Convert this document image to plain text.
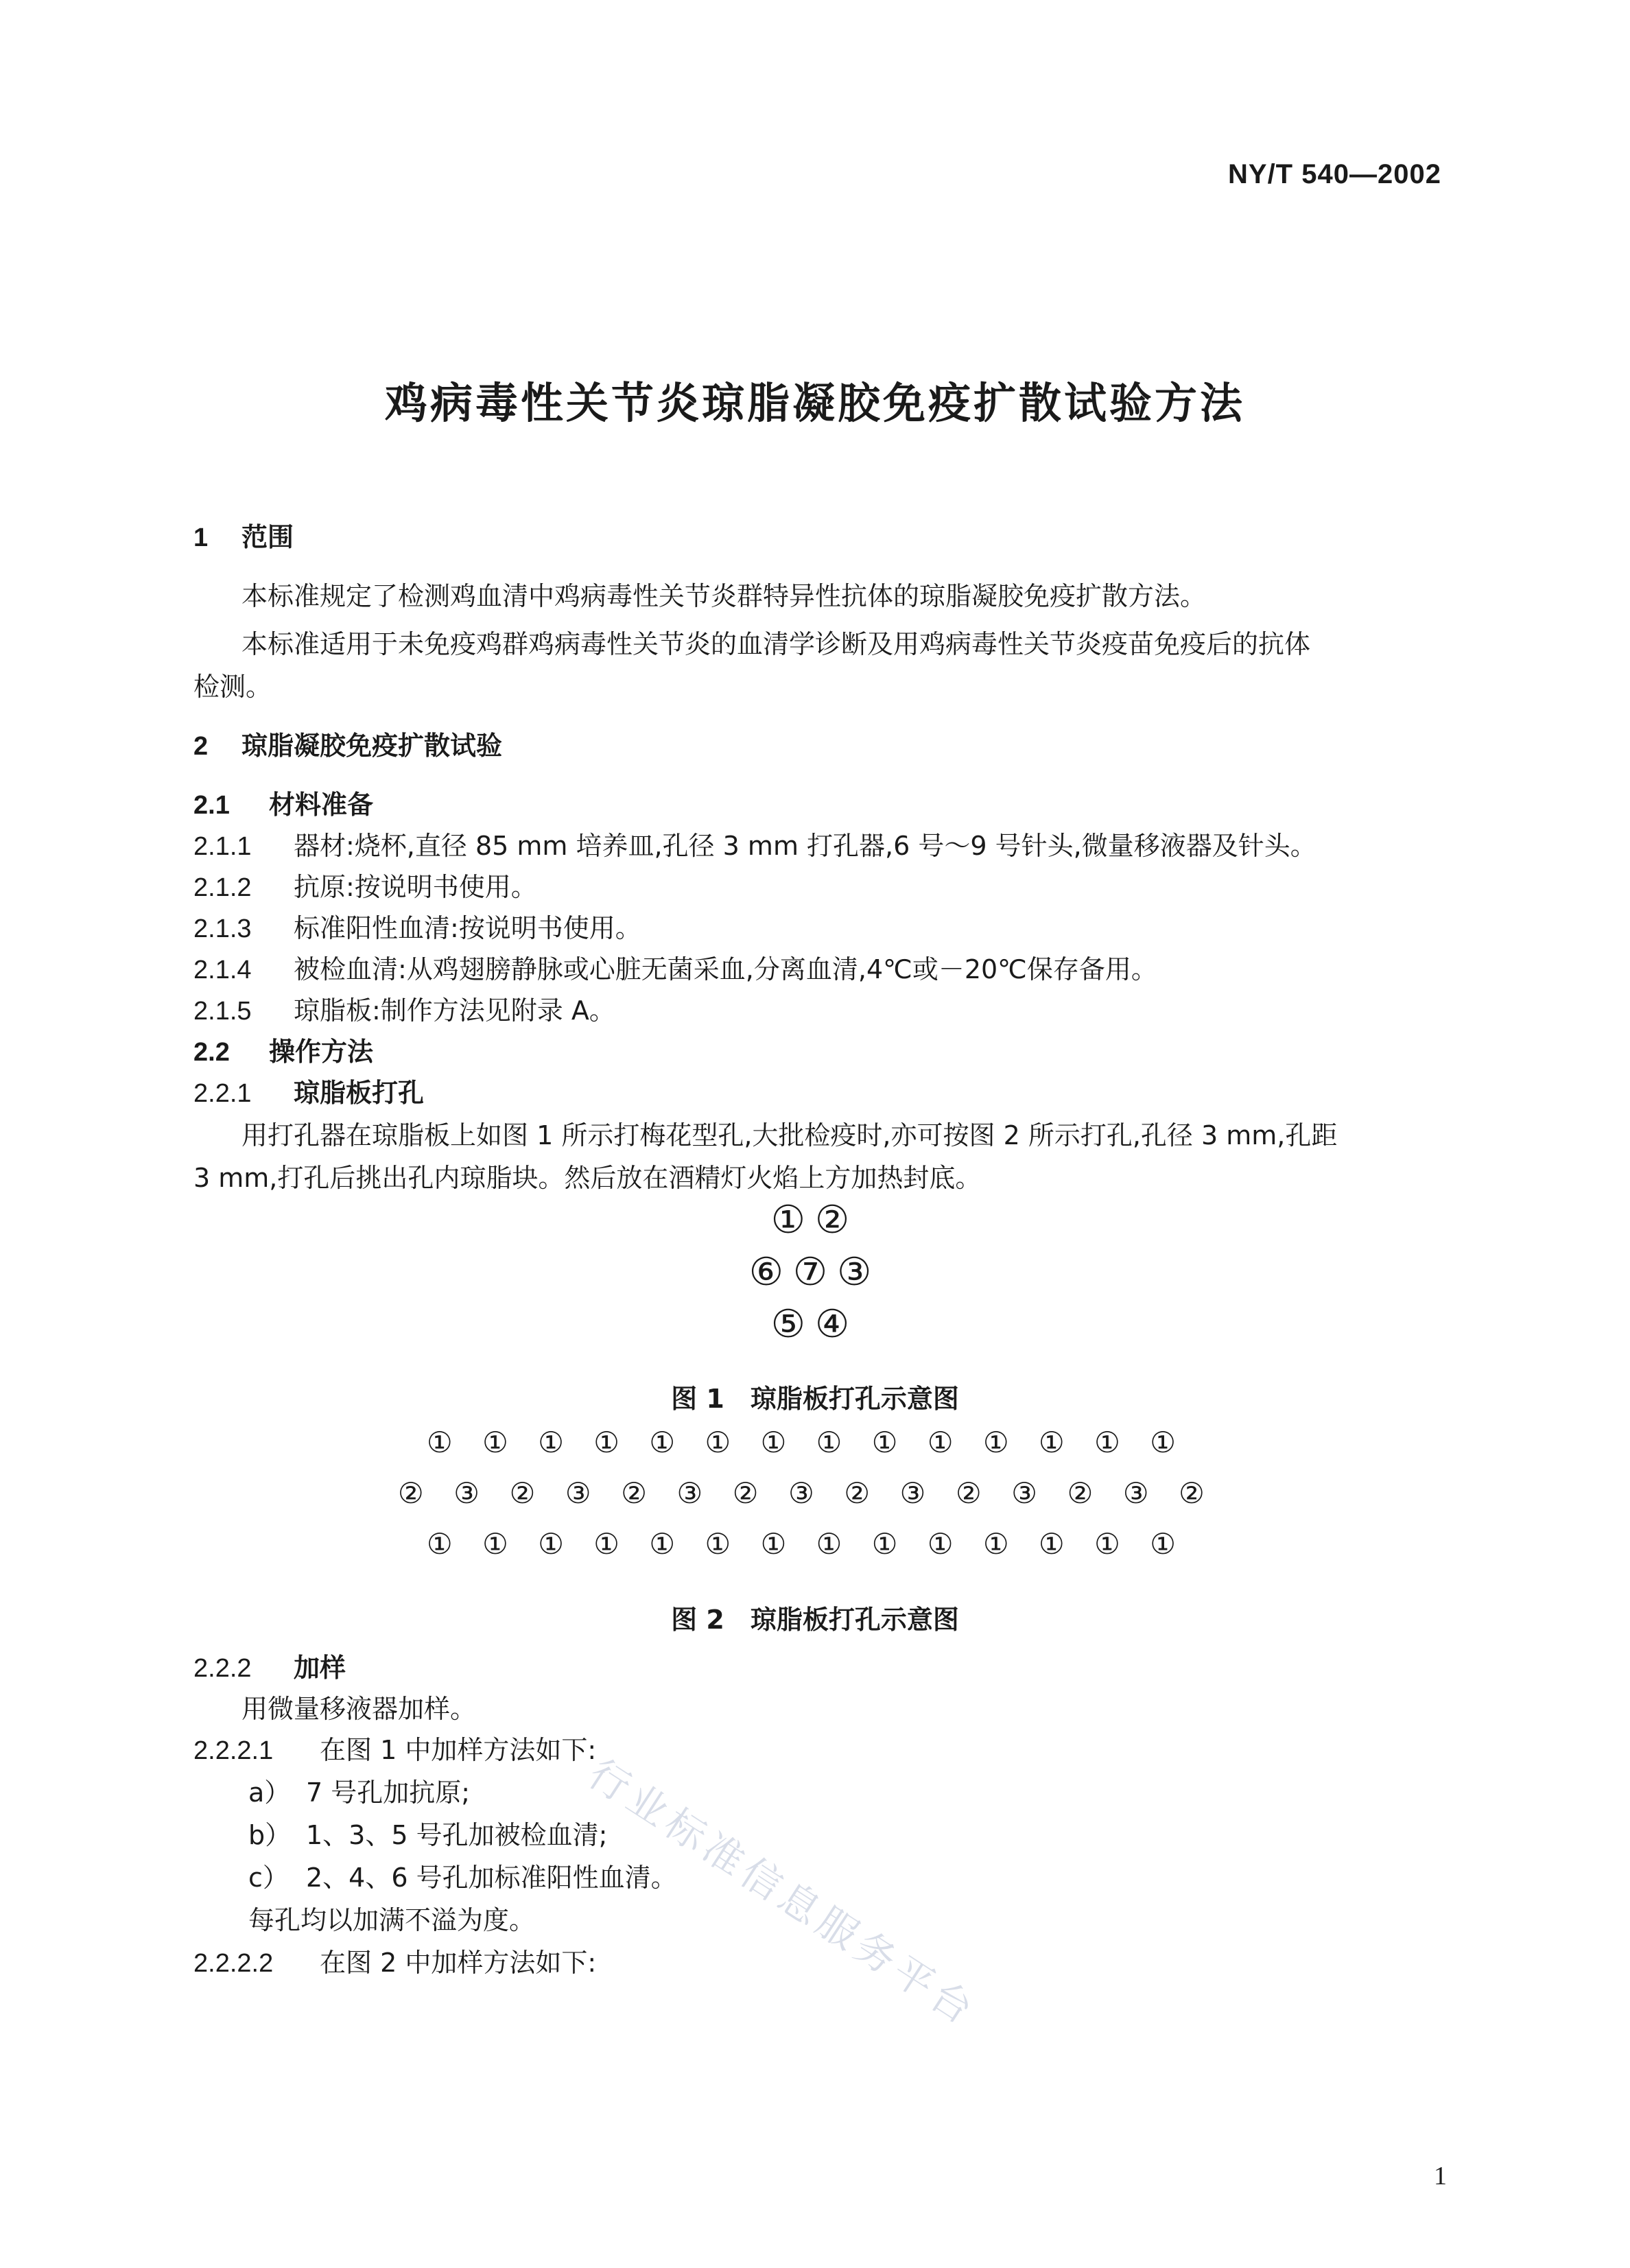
NY/T 540—2002
鸡病毒性关节炎琼脂凝胶免疫扩散试验方法
1 范围
本标准规定了检测鸡血清中鸡病毒性关节炎群特异性抗体的琼脂凝胶免疫扩散方法。
本标准适用于未免疫鸡群鸡病毒性关节炎的血清学诊断及用鸡病毒性关节炎疫苗免疫后的抗体
检测。
2 琼脂凝胶免疫扩散试验
2.1 材料准备
2.1.1 器材:烧杯,直径 85 mm 培养皿,孔径 3 mm 打孔器,6 号～9 号针头,微量移液器及针头。
2.1.2 抗原:按说明书使用。
2.1.3 标准阳性血清:按说明书使用。
2.1.4 被检血清:从鸡翅膀静脉或心脏无菌采血,分离血清,4℃或－20℃保存备用。
2.1.5 琼脂板:制作方法见附录 A。
2.2 操作方法
2.2.1 琼脂板打孔
用打孔器在琼脂板上如图 1 所示打梅花型孔,大批检疫时,亦可按图 2 所示打孔,孔径 3 mm,孔距
3 mm,打孔后挑出孔内琼脂块。然后放在酒精灯火焰上方加热封底。
①②
⑥⑦③
⑤④
图 1　琼脂板打孔示意图
① ① ① ① ① ① ① ① ① ① ① ① ① ①
② ③ ② ③ ② ③ ② ③ ② ③ ② ③ ② ③ ②
① ① ① ① ① ① ① ① ① ① ① ① ① ①
图 2　琼脂板打孔示意图
2.2.2 加样
用微量移液器加样。
2.2.2.1 在图 1 中加样方法如下:
a） 7 号孔加抗原;
b） 1、3、5 号孔加被检血清;
c） 2、4、6 号孔加标准阳性血清。
每孔均以加满不溢为度。
2.2.2.2 在图 2 中加样方法如下:
行业标准信息服务平台
1
